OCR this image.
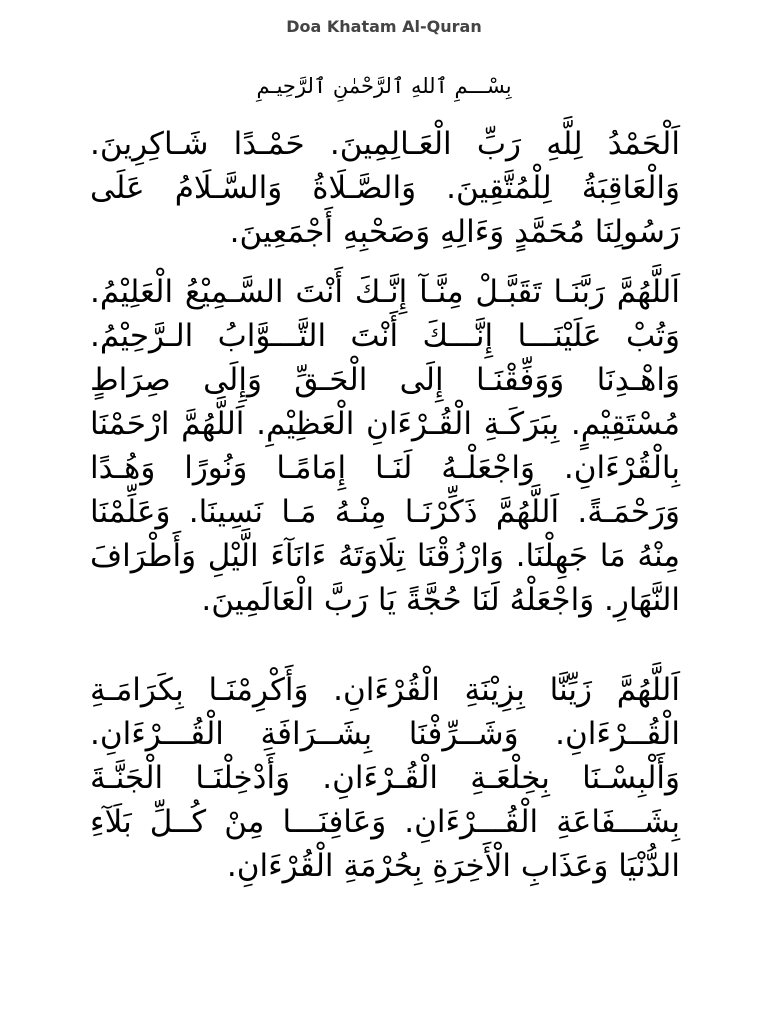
Doa Khatam Al-Quran

بِسْـــمِ ٱللهِ ٱلرَّحْمٰنِ ٱلرَّحِيـمِ

اَلْحَمْدُ لِلَّهِ رَبِّ الْعَـالِمِينَ. حَمْـدًا شَـاكِرِينَ. وَالْعَاقِبَةُ لِلْمُتَّقِينَ. وَالصَّـلَاةُ وَالسَّـلَامُ عَلَى رَسُولِنَا مُحَمَّدٍ وَءَالِهِ وَصَحْبِهِ أَجْمَعِينَ.

اَللَّهُمَّ رَبَّنَـا تَقَبَّـلْ مِنَّـآ إِنَّـكَ أَنْتَ السَّـمِيْعُ الْعَلِيْمُ. وَتُبْ عَلَيْنَـــا إِنَّـــكَ أَنْتَ التَّـــوَّابُ الـرَّحِيْمُ. وَاهْـدِنَا وَوَفِّقْنَـا إِلَى الْحَـقِّ وَإِلَى صِرَاطٍ مُسْتَقِيْمٍ. بِبَرَكَـةِ الْقُـرْءَانِ الْعَظِيْمِ. اَللَّهُمَّ ارْحَمْنَا بِالْقُرْءَانِ. وَاجْعَلْـهُ لَنَـا إِمَامًـا وَنُورًا وَهُـدًا وَرَحْمَـةً. اَللَّهُمَّ ذَكِّرْنَـا مِنْـهُ مَـا نَسِينَا. وَعَلِّمْنَا مِنْهُ مَا جَهِلْنَا. وَارْزُقْنَا تِلَاوَتَهُ ءَانَآءَ الَّيْلِ وَأَطْرَافَ النَّهَارِ. وَاجْعَلْهُ لَنَا حُجَّةً يَا رَبَّ الْعَالَمِينَ.

اَللَّهُمَّ زَيِّنَّا بِزِيْنَةِ الْقُرْءَانِ. وَأَكْرِمْنَـا بِكَرَامَـةِ الْقُــرْءَانِ. وَشَــرِّفْنَا بِشَــرَافَةِ الْقُـــرْءَانِ. وَأَلْبِسْـنَا بِخِلْعَـةِ الْقُـرْءَانِ. وَأَدْخِلْنَـا الْجَنَّـةَ بِشَـــفَاعَةِ الْقُـــرْءَانِ. وَعَافِنَـــا مِنْ كُــلِّ بَلَآءِ الدُّنْيَا وَعَذَابِ الْأَخِرَةِ بِحُرْمَةِ الْقُرْءَانِ.
